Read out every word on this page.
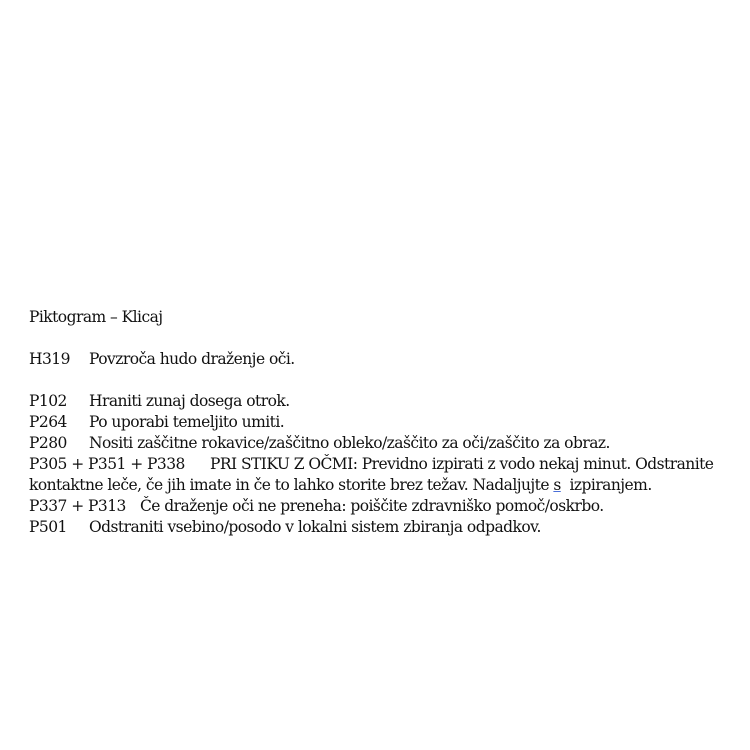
Piktogram – Klicaj
H319 Povzroča hudo draženje oči.
P102 Hraniti zunaj dosega otrok.
P264 Po uporabi temeljito umiti.
P280 Nositi zaščitne rokavice/zaščitno obleko/zaščito za oči/zaščito za obraz.
P305 + P351 + P338 PRI STIKU Z OČMI: Previdno izpirati z vodo nekaj minut. Odstranite
kontaktne leče, če jih imate in če to lahko storite brez težav. Nadaljujte s  izpiranjem.
P337 + P313 Če draženje oči ne preneha: poiščite zdravniško pomoč/oskrbo.
P501 Odstraniti vsebino/posodo v lokalni sistem zbiranja odpadkov.
